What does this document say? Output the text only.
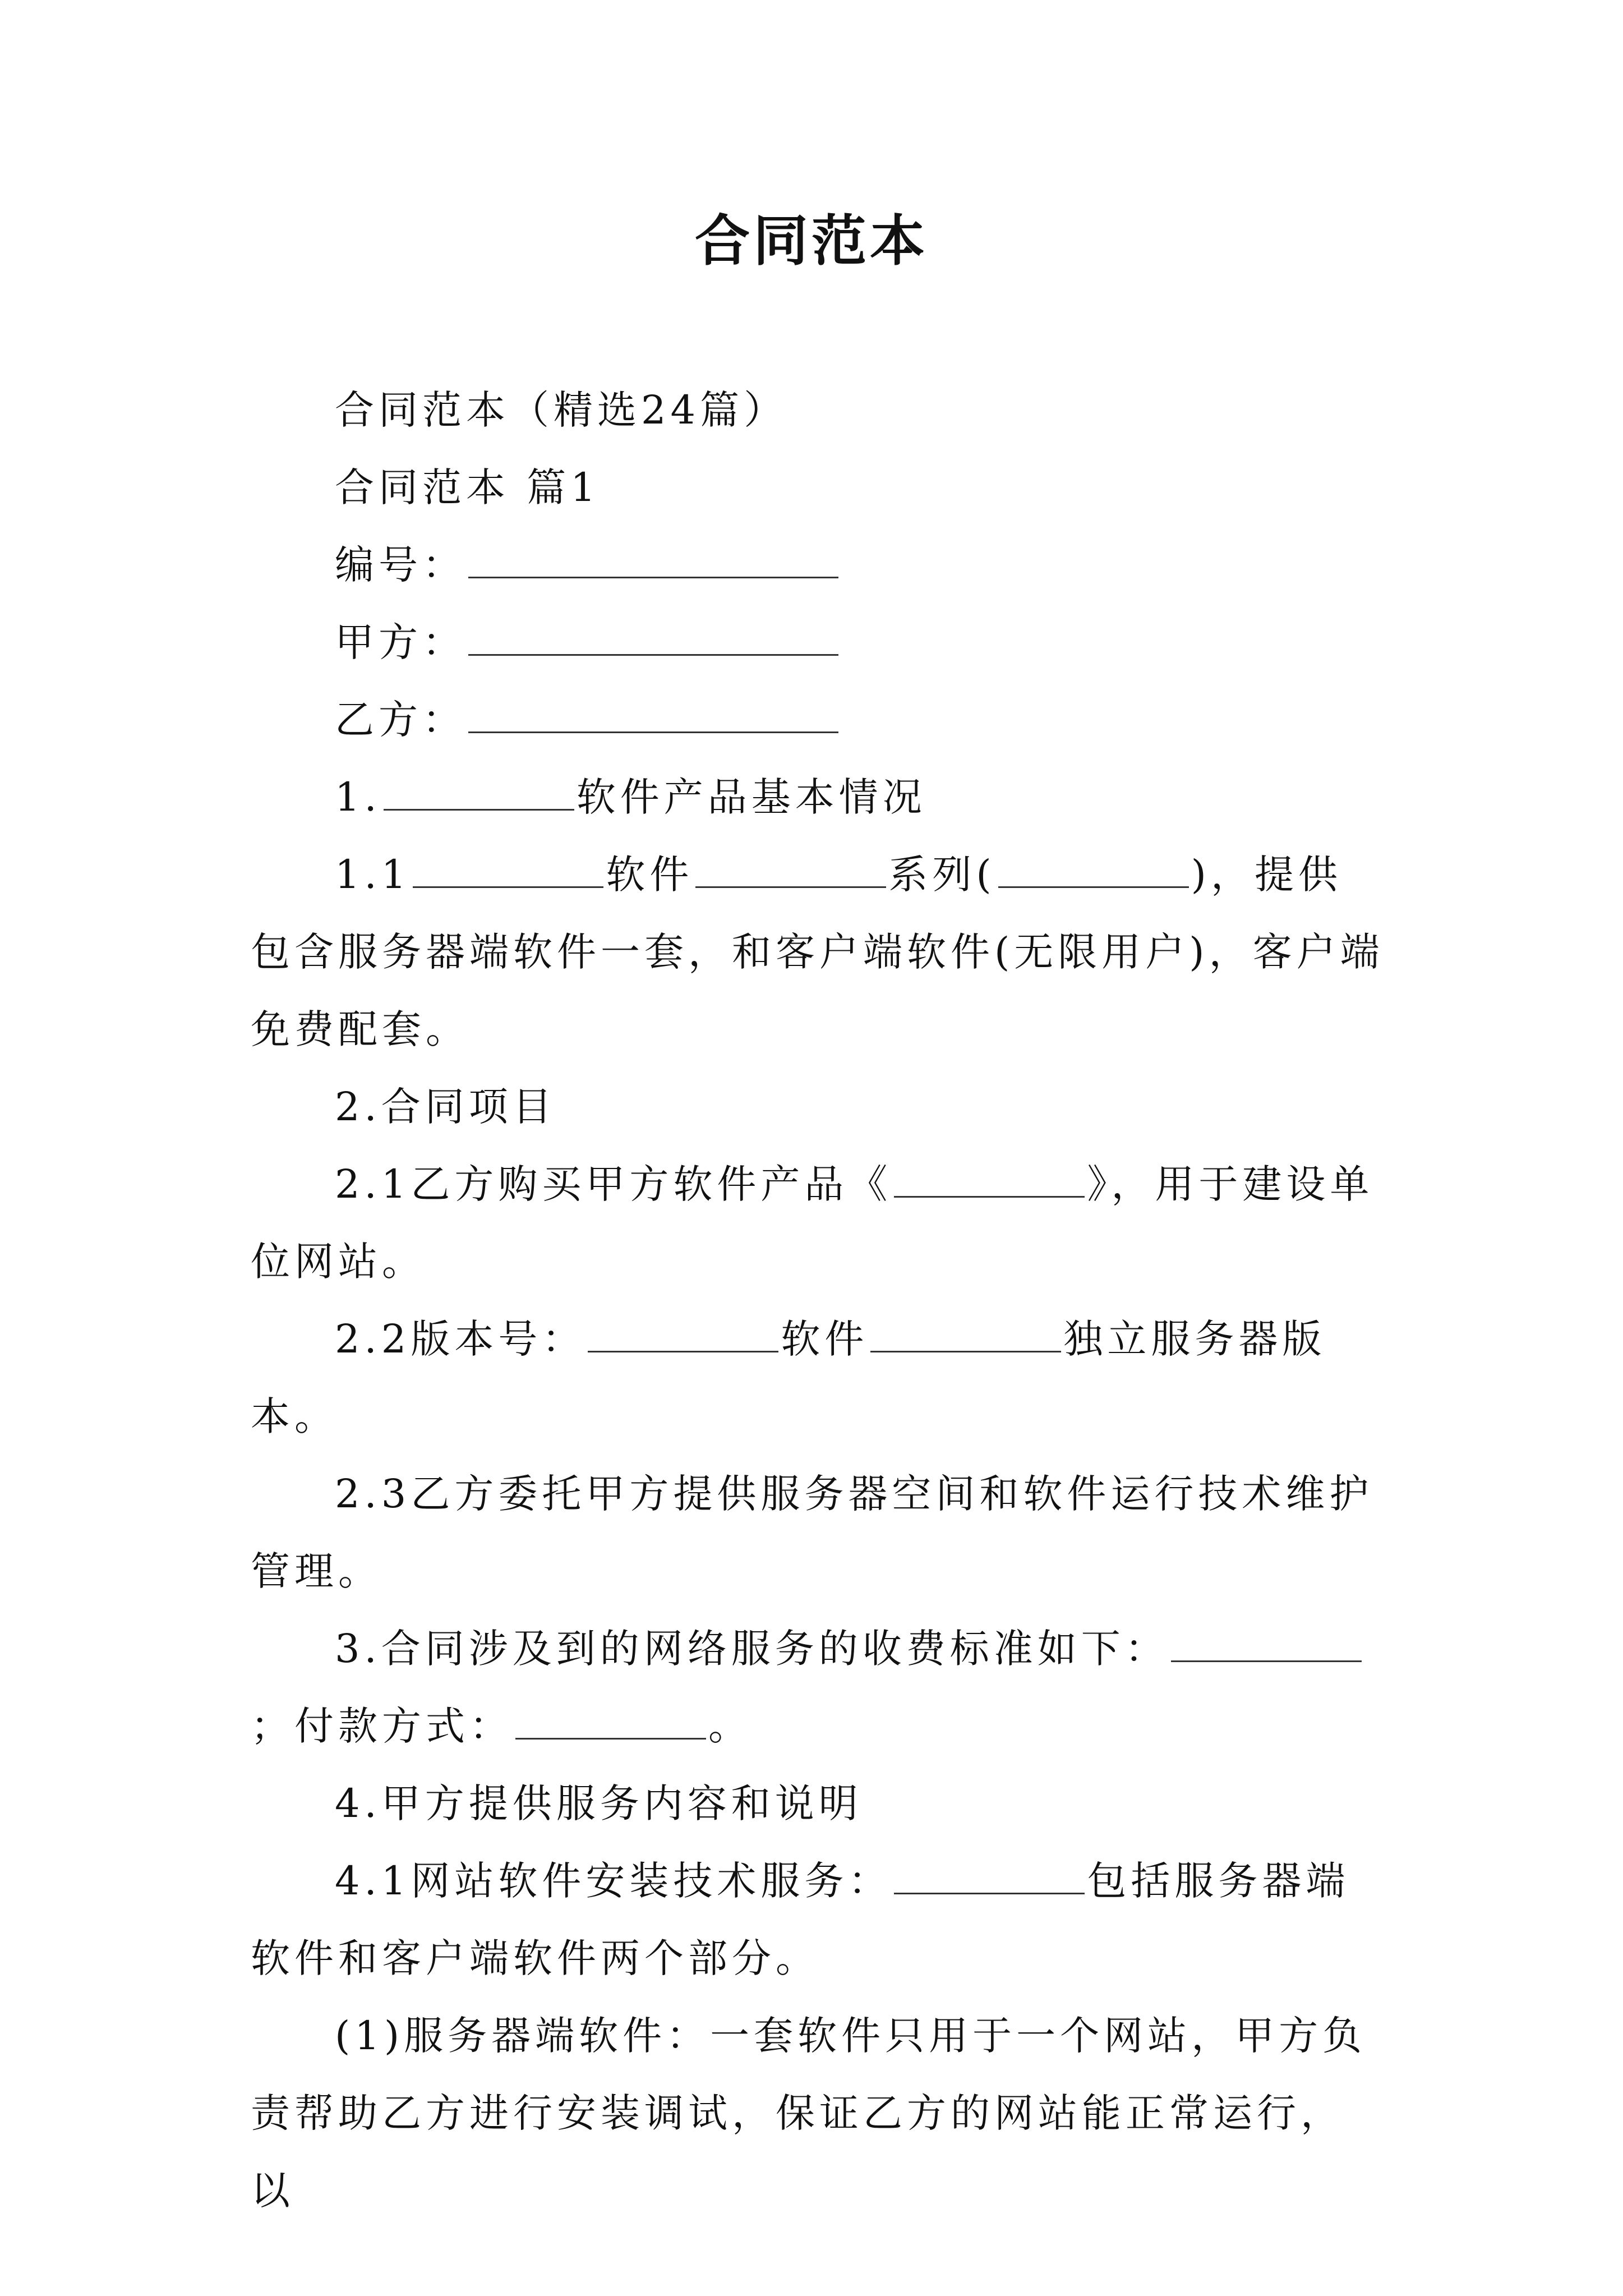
合同范本

合同范本（精选24篇）

合同范本 篇1

编号：

甲方：

乙方：

1.	软件产品基本情况

1.1	软件	系列(	)，提供包含服务器端软件一套，和客户端软件(无限用户)，客户端免费配套。

2.合同项目

2.1乙方购买甲方软件产品《	》，用于建设单位网站。

2.2版本号：	软件	独立服务器版本。

2.3乙方委托甲方提供服务器空间和软件运行技术维护管理。

3.合同涉及到的网络服务的收费标准如下：；付款方式：	。

4.甲方提供服务内容和说明

4.1网站软件安装技术服务：	包括服务器端软件和客户端软件两个部分。

(1)服务器端软件：一套软件只用于一个网站，甲方负责帮助乙方进行安装调试，保证乙方的网站能正常运行，以
